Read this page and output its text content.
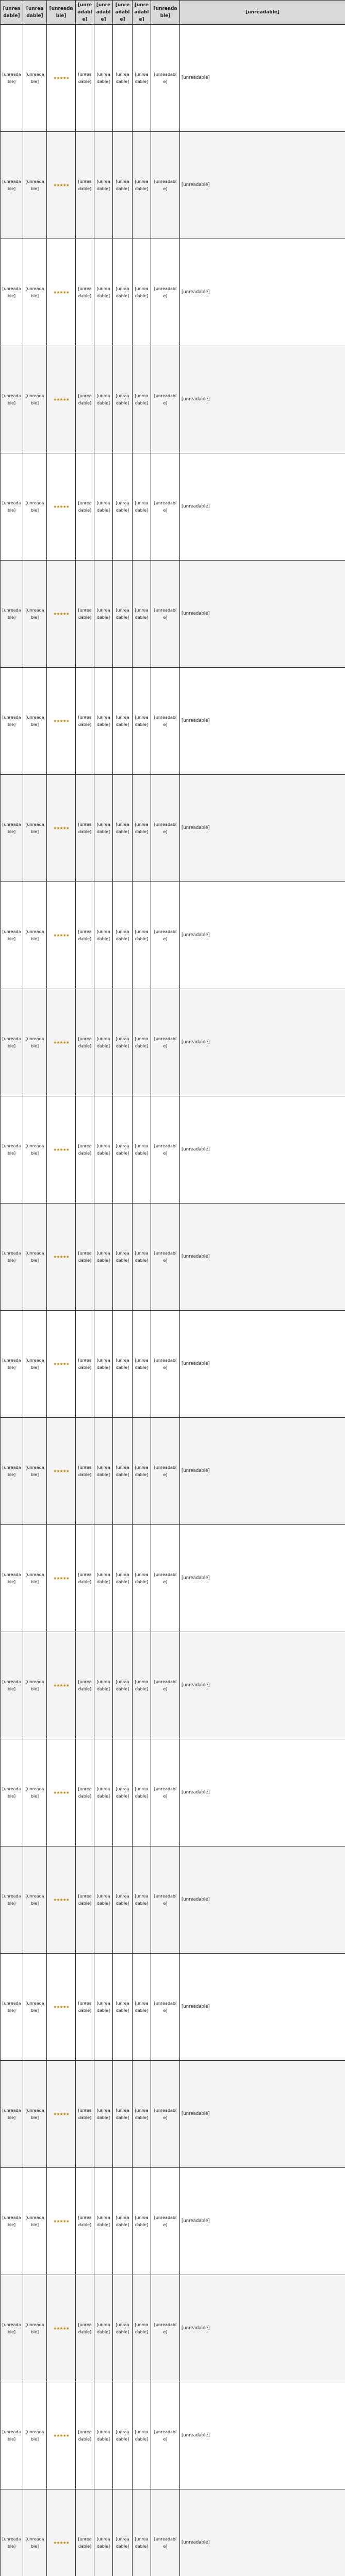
[unreadable]	[unreadable]	[unreadable]	[unreadable]	[unreadable]	[unreadable]	[unreadable]	[unreadable]	[unreadable]
[unreadable]	[unreadable]	★★★★★	[unreadable]	[unreadable]	[unreadable]	[unreadable]	[unreadable]	[unreadable]
[unreadable]	[unreadable]	★★★★★	[unreadable]	[unreadable]	[unreadable]	[unreadable]	[unreadable]	[unreadable]
[unreadable]	[unreadable]	★★★★★	[unreadable]	[unreadable]	[unreadable]	[unreadable]	[unreadable]	[unreadable]
[unreadable]	[unreadable]	★★★★★	[unreadable]	[unreadable]	[unreadable]	[unreadable]	[unreadable]	[unreadable]
[unreadable]	[unreadable]	★★★★★	[unreadable]	[unreadable]	[unreadable]	[unreadable]	[unreadable]	[unreadable]
[unreadable]	[unreadable]	★★★★★	[unreadable]	[unreadable]	[unreadable]	[unreadable]	[unreadable]	[unreadable]
[unreadable]	[unreadable]	★★★★★	[unreadable]	[unreadable]	[unreadable]	[unreadable]	[unreadable]	[unreadable]
[unreadable]	[unreadable]	★★★★★	[unreadable]	[unreadable]	[unreadable]	[unreadable]	[unreadable]	[unreadable]
[unreadable]	[unreadable]	★★★★★	[unreadable]	[unreadable]	[unreadable]	[unreadable]	[unreadable]	[unreadable]
[unreadable]	[unreadable]	★★★★★	[unreadable]	[unreadable]	[unreadable]	[unreadable]	[unreadable]	[unreadable]
[unreadable]	[unreadable]	★★★★★	[unreadable]	[unreadable]	[unreadable]	[unreadable]	[unreadable]	[unreadable]
[unreadable]	[unreadable]	★★★★★	[unreadable]	[unreadable]	[unreadable]	[unreadable]	[unreadable]	[unreadable]
[unreadable]	[unreadable]	★★★★★	[unreadable]	[unreadable]	[unreadable]	[unreadable]	[unreadable]	[unreadable]
[unreadable]	[unreadable]	★★★★★	[unreadable]	[unreadable]	[unreadable]	[unreadable]	[unreadable]	[unreadable]
[unreadable]	[unreadable]	★★★★★	[unreadable]	[unreadable]	[unreadable]	[unreadable]	[unreadable]	[unreadable]
[unreadable]	[unreadable]	★★★★★	[unreadable]	[unreadable]	[unreadable]	[unreadable]	[unreadable]	[unreadable]
[unreadable]	[unreadable]	★★★★★	[unreadable]	[unreadable]	[unreadable]	[unreadable]	[unreadable]	[unreadable]
[unreadable]	[unreadable]	★★★★★	[unreadable]	[unreadable]	[unreadable]	[unreadable]	[unreadable]	[unreadable]
[unreadable]	[unreadable]	★★★★★	[unreadable]	[unreadable]	[unreadable]	[unreadable]	[unreadable]	[unreadable]
[unreadable]	[unreadable]	★★★★★	[unreadable]	[unreadable]	[unreadable]	[unreadable]	[unreadable]	[unreadable]
[unreadable]	[unreadable]	★★★★★	[unreadable]	[unreadable]	[unreadable]	[unreadable]	[unreadable]	[unreadable]
[unreadable]	[unreadable]	★★★★★	[unreadable]	[unreadable]	[unreadable]	[unreadable]	[unreadable]	[unreadable]
[unreadable]	[unreadable]	★★★★★	[unreadable]	[unreadable]	[unreadable]	[unreadable]	[unreadable]	[unreadable]
[unreadable]	[unreadable]	★★★★★	[unreadable]	[unreadable]	[unreadable]	[unreadable]	[unreadable]	[unreadable]
